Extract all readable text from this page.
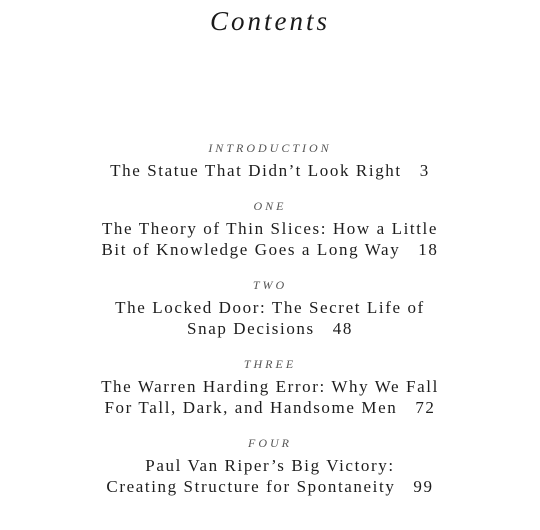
Contents
INTRODUCTION
The Statue That Didn’t Look Right 3
ONE
The Theory of Thin Slices: How a Little
Bit of Knowledge Goes a Long Way 18
TWO
The Locked Door: The Secret Life of
Snap Decisions 48
THREE
The Warren Harding Error: Why We Fall
For Tall, Dark, and Handsome Men 72
FOUR
Paul Van Riper’s Big Victory:
Creating Structure for Spontaneity 99
